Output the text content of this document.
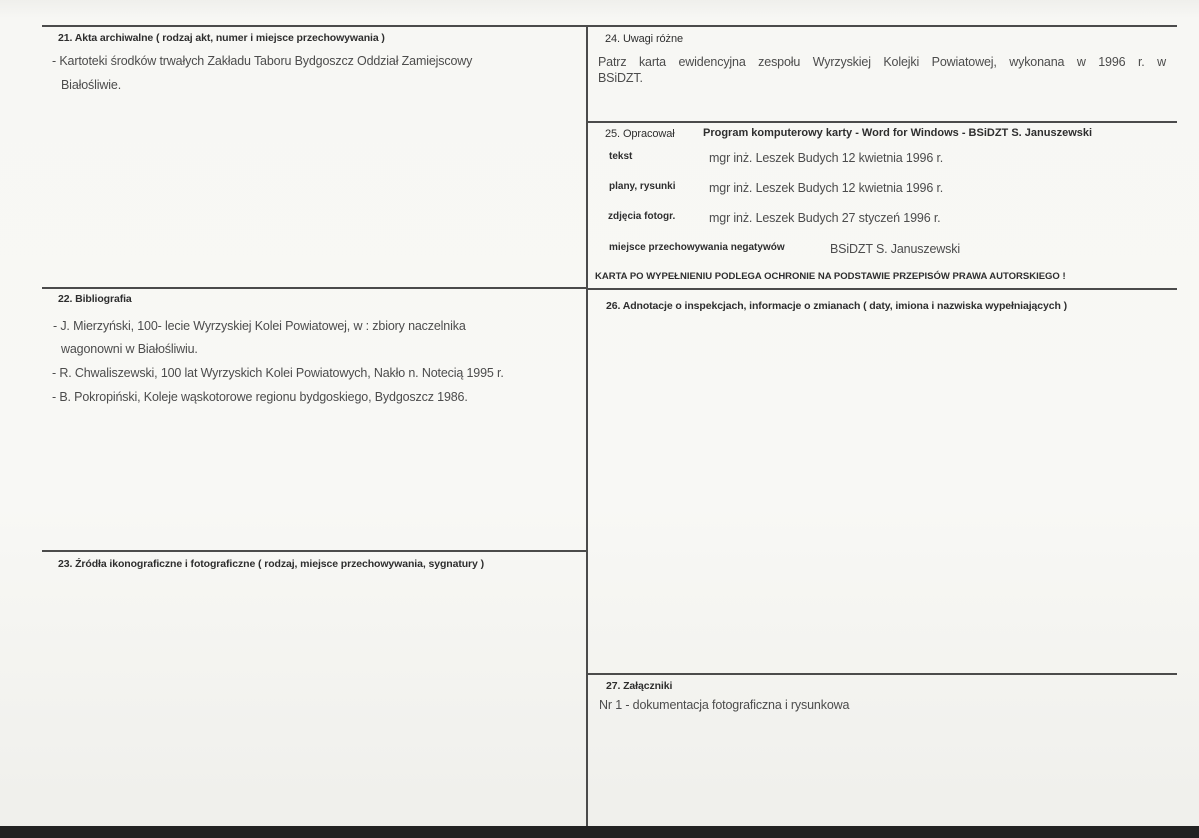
21. Akta archiwalne ( rodzaj akt, numer i miejsce przechowywania )
- Kartoteki środków trwałych Zakładu Taboru Bydgoszcz Oddział Zamiejscowy
Białośliwie.
22. Bibliografia
- J. Mierzyński, 100- lecie Wyrzyskiej Kolei Powiatowej, w : zbiory naczelnika
wagonowni w Białośliwiu.
- R. Chwaliszewski, 100 lat Wyrzyskich Kolei Powiatowych, Nakło n. Notecią 1995 r.
- B. Pokropiński, Koleje wąskotorowe regionu bydgoskiego, Bydgoszcz 1986.
23. Źródła ikonograficzne i fotograficzne ( rodzaj, miejsce przechowywania, sygnatury )
24. Uwagi różne
Patrz karta ewidencyjna zespołu Wyrzyskiej Kolejki Powiatowej, wykonana w 1996 r. w
BSiDZT.
25. Opracował	Program komputerowy karty - Word for Windows - BSiDZT S. Januszewski
tekst	mgr inż. Leszek Budych 12 kwietnia 1996 r.
plany, rysunki	mgr inż. Leszek Budych 12 kwietnia 1996 r.
zdjęcia fotogr.	mgr inż. Leszek Budych 27 styczeń 1996 r.
miejsce przechowywania negatywów	BSiDZT S. Januszewski
KARTA PO WYPEŁNIENIU PODLEGA OCHRONIE NA PODSTAWIE PRZEPISÓW PRAWA AUTORSKIEGO !
26. Adnotacje o inspekcjach, informacje o zmianach ( daty, imiona i nazwiska wypełniających )
27. Załączniki
Nr 1 - dokumentacja fotograficzna i rysunkowa
